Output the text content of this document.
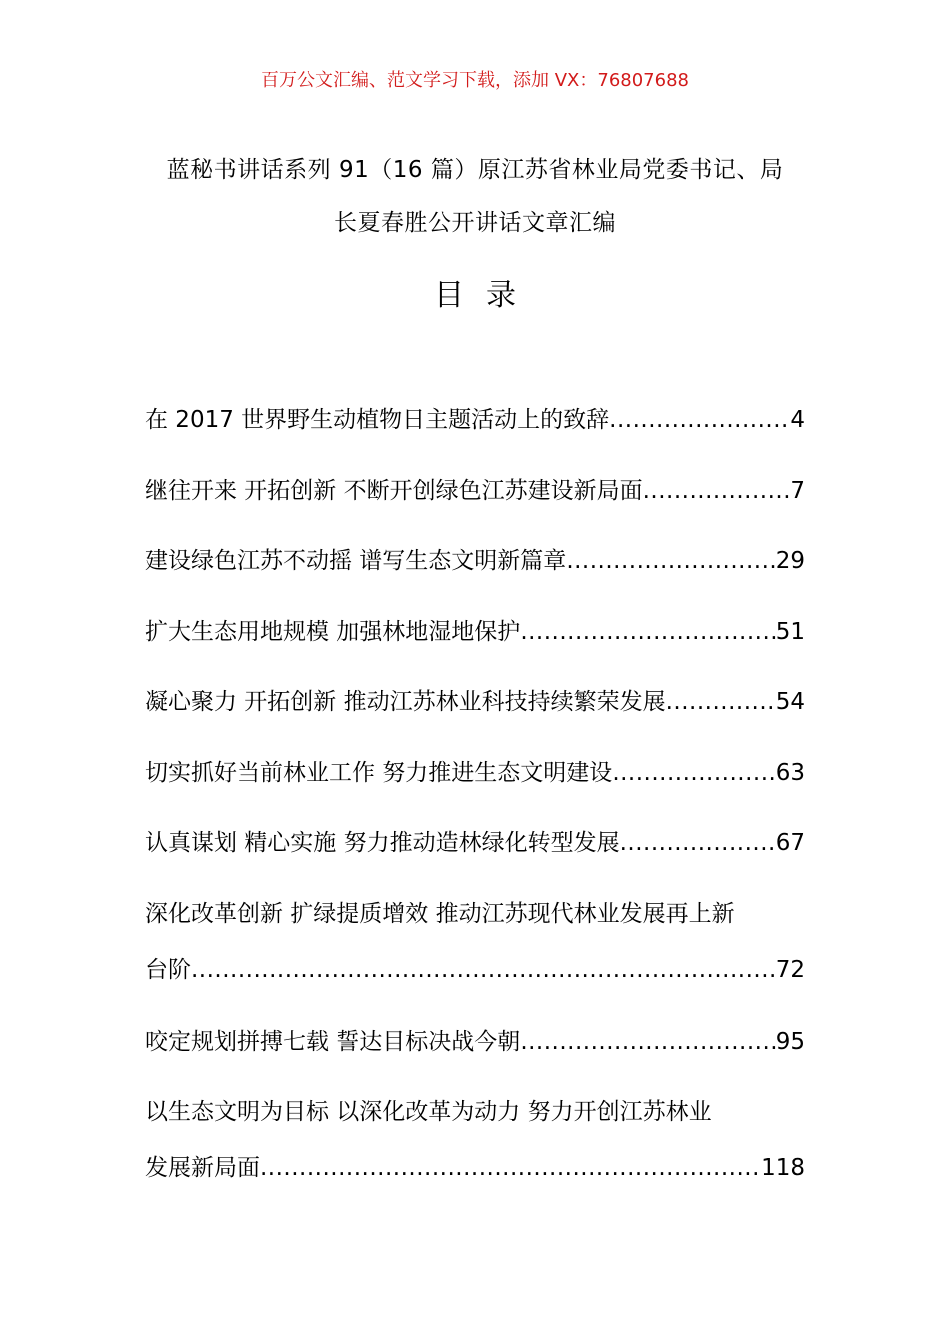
百万公文汇编、范文学习下载，添加 VX：76807688
蓝秘书讲话系列 91（16 篇）原江苏省林业局党委书记、局
长夏春胜公开讲话文章汇编
目录
在 2017 世界野生动植物日主题活动上的致辞 .....	4
继往开来 开拓创新 不断开创绿色江苏建设新局面 .....	7
建设绿色江苏不动摇 谱写生态文明新篇章 .....	29
扩大生态用地规模 加强林地湿地保护 .....	51
凝心聚力 开拓创新 推动江苏林业科技持续繁荣发展 .....	54
切实抓好当前林业工作 努力推进生态文明建设 .....	63
认真谋划 精心实施 努力推动造林绿化转型发展 .....	67
深化改革创新 扩绿提质增效 推动江苏现代林业发展再上新
台阶 .....	72
咬定规划拼搏七载 誓达目标决战今朝 .....	95
以生态文明为目标 以深化改革为动力 努力开创江苏林业
发展新局面 .....	118
